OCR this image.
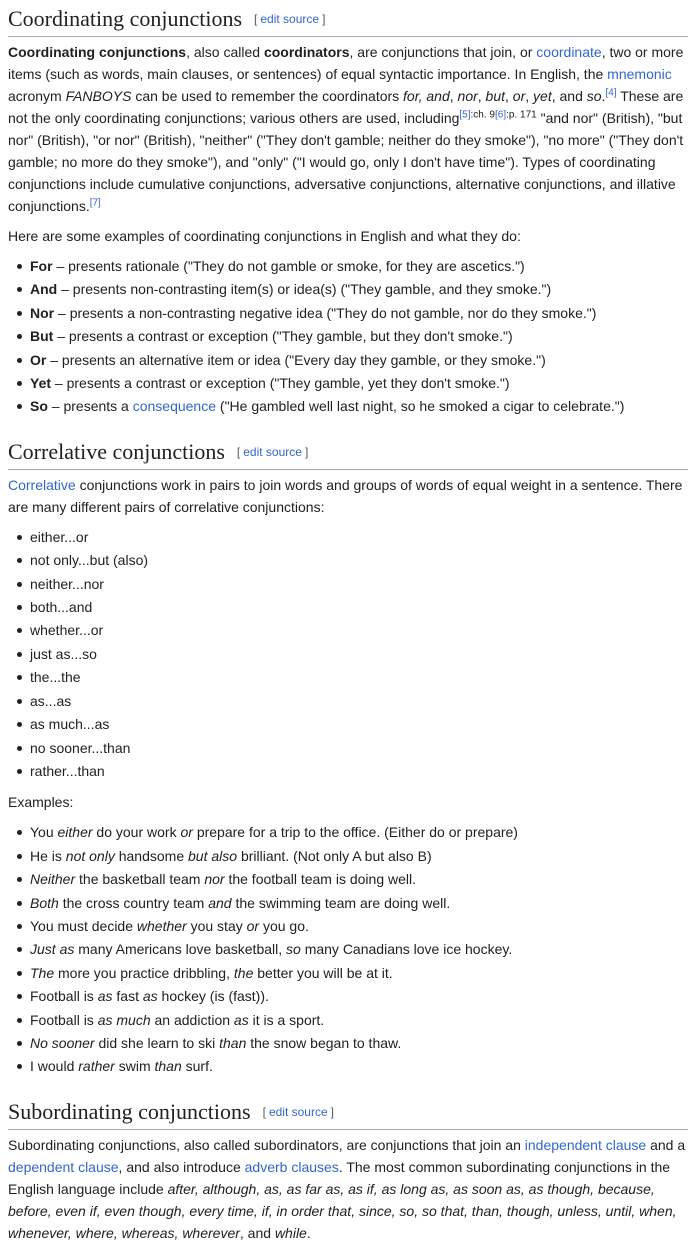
Coordinating conjunctions [ edit source ]

Coordinating conjunctions, also called coordinators, are conjunctions that join, or coordinate, two or more items (such as words, main clauses, or sentences) of equal syntactic importance. In English, the mnemonic acronym FANBOYS can be used to remember the coordinators for, and, nor, but, or, yet, and so.[4] These are not the only coordinating conjunctions; various others are used, including$^{[5]:ch. 9[6]:p. 171}$ "and nor" (British), "but nor" (British), "or nor" (British), "neither" ("They don't gamble; neither do they smoke"), "no more" ("They don't gamble; no more do they smoke"), and "only" ("I would go, only I don't have time"). Types of coordinating conjunctions include cumulative conjunctions, adversative conjunctions, alternative conjunctions, and illative conjunctions.[7]

Here are some examples of coordinating conjunctions in English and what they do:

For – presents rationale ("They do not gamble or smoke, for they are ascetics.")
And – presents non-contrasting item(s) or idea(s) ("They gamble, and they smoke.")
Nor – presents a non-contrasting negative idea ("They do not gamble, nor do they smoke.")
But – presents a contrast or exception ("They gamble, but they don't smoke.")
Or – presents an alternative item or idea ("Every day they gamble, or they smoke.")
Yet – presents a contrast or exception ("They gamble, yet they don't smoke.")
So – presents a consequence ("He gambled well last night, so he smoked a cigar to celebrate.")
Correlative conjunctions [ edit source ]

Correlative conjunctions work in pairs to join words and groups of words of equal weight in a sentence. There are many different pairs of correlative conjunctions:

either...or
not only...but (also)
neither...nor
both...and
whether...or
just as...so
the...the
as...as
as much...as
no sooner...than
rather...than

Examples:

You either do your work or prepare for a trip to the office. (Either do or prepare)
He is not only handsome but also brilliant. (Not only A but also B)
Neither the basketball team nor the football team is doing well.
Both the cross country team and the swimming team are doing well.
You must decide whether you stay or you go.
Just as many Americans love basketball, so many Canadians love ice hockey.
The more you practice dribbling, the better you will be at it.
Football is as fast as hockey (is (fast)).
Football is as much an addiction as it is a sport.
No sooner did she learn to ski than the snow began to thaw.
I would rather swim than surf.
Subordinating conjunctions [ edit source ]

Subordinating conjunctions, also called subordinators, are conjunctions that join an independent clause and a dependent clause, and also introduce adverb clauses. The most common subordinating conjunctions in the English language include after, although, as, as far as, as if, as long as, as soon as, as though, because, before, even if, even though, every time, if, in order that, since, so, so that, than, though, unless, until, when, whenever, where, whereas, wherever, and while.
